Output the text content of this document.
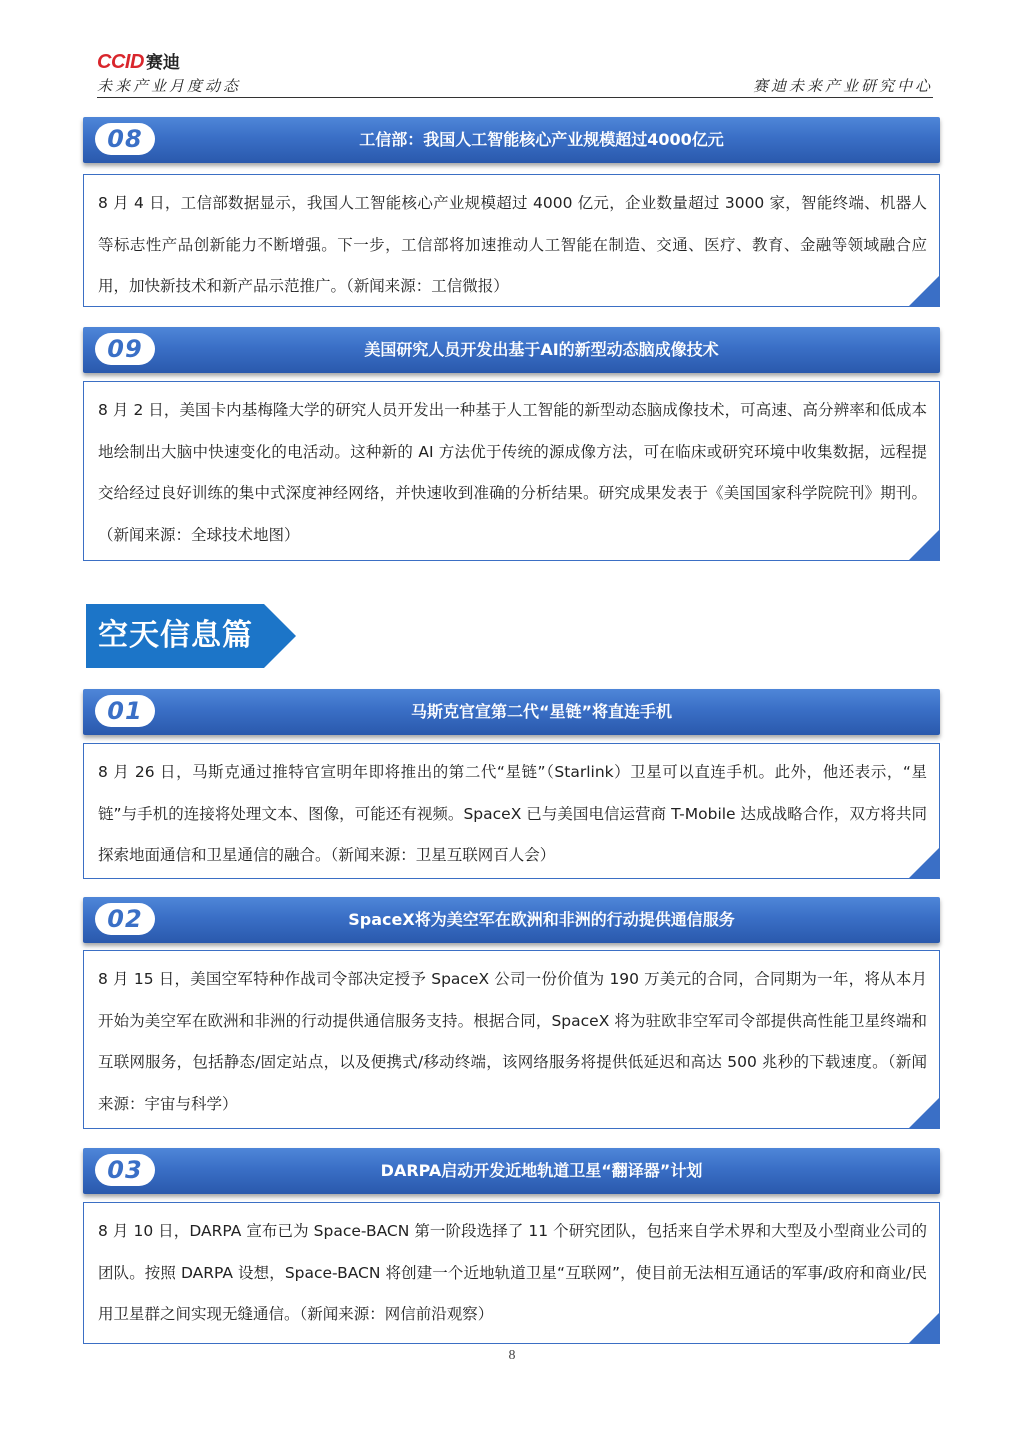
CCID 赛迪
未来产业月度动态	赛迪未来产业研究中心
08	工信部：我国人工智能核心产业规模超过4000亿元

8 月 4 日，工信部数据显示，我国人工智能核心产业规模超过 4000 亿元，企业数量超过 3000 家，智能终端、机器人等标志性产品创新能力不断增强。下一步，工信部将加速推动人工智能在制造、交通、医疗、教育、金融等领域融合应用，加快新技术和新产品示范推广。（新闻来源：工信微报）

09	美国研究人员开发出基于AI的新型动态脑成像技术

8 月 2 日，美国卡内基梅隆大学的研究人员开发出一种基于人工智能的新型动态脑成像技术，可高速、高分辨率和低成本地绘制出大脑中快速变化的电活动。这种新的 AI 方法优于传统的源成像方法，可在临床或研究环境中收集数据，远程提交给经过良好训练的集中式深度神经网络，并快速收到准确的分析结果。研究成果发表于《美国国家科学院院刊》期刊。（新闻来源：全球技术地图）

空天信息篇
01	马斯克官宣第二代“星链”将直连手机

8 月 26 日，马斯克通过推特官宣明年即将推出的第二代“星链”（Starlink）卫星可以直连手机。此外，他还表示，“星链”与手机的连接将处理文本、图像，可能还有视频。SpaceX 已与美国电信运营商 T-Mobile 达成战略合作，双方将共同探索地面通信和卫星通信的融合。（新闻来源：卫星互联网百人会）

02	SpaceX将为美空军在欧洲和非洲的行动提供通信服务

8 月 15 日，美国空军特种作战司令部决定授予 SpaceX 公司一份价值为 190 万美元的合同，合同期为一年，将从本月开始为美空军在欧洲和非洲的行动提供通信服务支持。根据合同，SpaceX 将为驻欧非空军司令部提供高性能卫星终端和互联网服务，包括静态/固定站点，以及便携式/移动终端，该网络服务将提供低延迟和高达 500 兆秒的下载速度。（新闻来源：宇宙与科学）

03	DARPA启动开发近地轨道卫星“翻译器”计划

8 月 10 日，DARPA 宣布已为 Space-BACN 第一阶段选择了 11 个研究团队，包括来自学术界和大型及小型商业公司的团队。按照 DARPA 设想，Space-BACN 将创建一个近地轨道卫星“互联网”，使目前无法相互通话的军事/政府和商业/民用卫星群之间实现无缝通信。（新闻来源：网信前沿观察）

8
